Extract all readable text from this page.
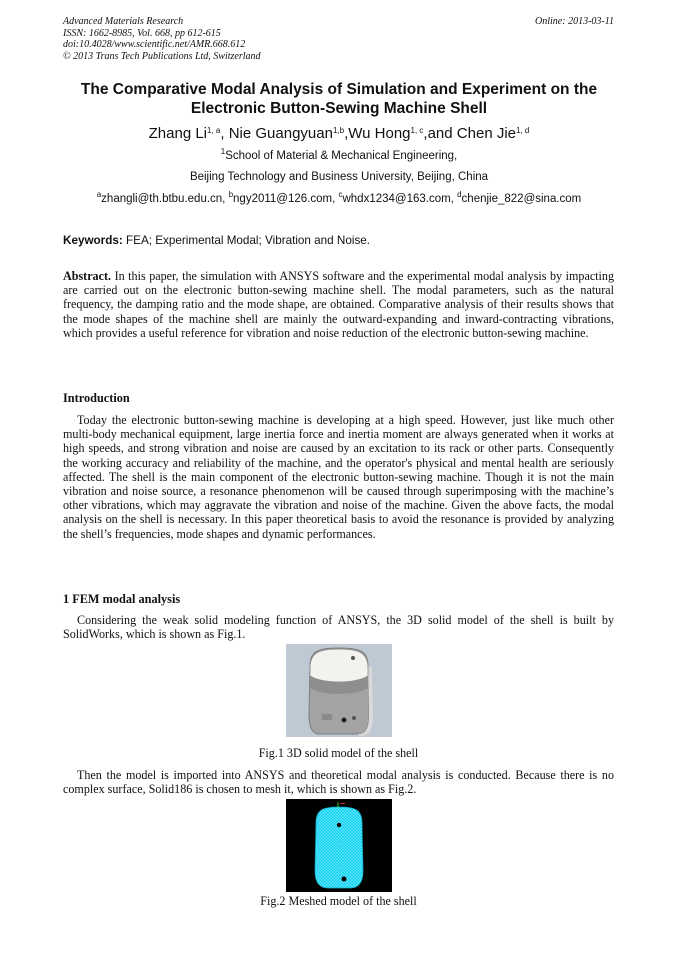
Advanced Materials Research
ISSN: 1662-8985, Vol. 668, pp 612-615
doi:10.4028/www.scientific.net/AMR.668.612
© 2013 Trans Tech Publications Ltd, Switzerland
Online: 2013-03-11
The Comparative Modal Analysis of Simulation and Experiment on the
Electronic Button-Sewing Machine Shell
Zhang Li$^{1, a}$, Nie Guangyuan$^{1,b}$,Wu Hong$^{1, c}$,and Chen Jie$^{1, d}$
$^1$School of Material & Mechanical Engineering,
Beijing Technology and Business University, Beijing, China
$^a$zhangli@th.btbu.edu.cn, $^b$ngy2011@126.com, $^c$whdx1234@163.com, $^d$chenjie_822@sina.com
Keywords: FEA; Experimental Modal; Vibration and Noise.
Abstract. In this paper, the simulation with ANSYS software and the experimental modal analysis by impacting are carried out on the electronic button-sewing machine shell. The modal parameters, such as the natural frequency, the damping ratio and the mode shape, are obtained. Comparative analysis of their results shows that the mode shapes of the machine shell are mainly the outward-expanding and inward-contracting vibrations, which provides a useful reference for vibration and noise reduction of the electronic button-sewing machine.
Introduction
Today the electronic button-sewing machine is developing at a high speed. However, just like much other multi-body mechanical equipment, large inertia force and inertia moment are always generated when it works at high speeds, and strong vibration and noise are caused by an excitation to its rack or other parts. Consequently the working accuracy and reliability of the machine, and the operator's physical and mental health are seriously affected. The shell is the main component of the electronic button-sewing machine. Though it is not the main vibration and noise source, a resonance phenomenon will be caused through superimposing with the machine’s other vibrations, which may aggravate the vibration and noise of the machine. Given the above facts, the modal analysis on the shell is necessary. In this paper theoretical basis to avoid the resonance is provided by analyzing the shell’s frequencies, mode shapes and dynamic performances.
1 FEM modal analysis
Considering the weak solid modeling function of ANSYS, the 3D solid model of the shell is built by SolidWorks, which is shown as Fig.1.
Fig.1 3D solid model of the shell
Then the model is imported into ANSYS and theoretical modal analysis is conducted. Because there is no complex surface, Solid186 is chosen to mesh it, which is shown as Fig.2.
Fig.2 Meshed model of the shell
